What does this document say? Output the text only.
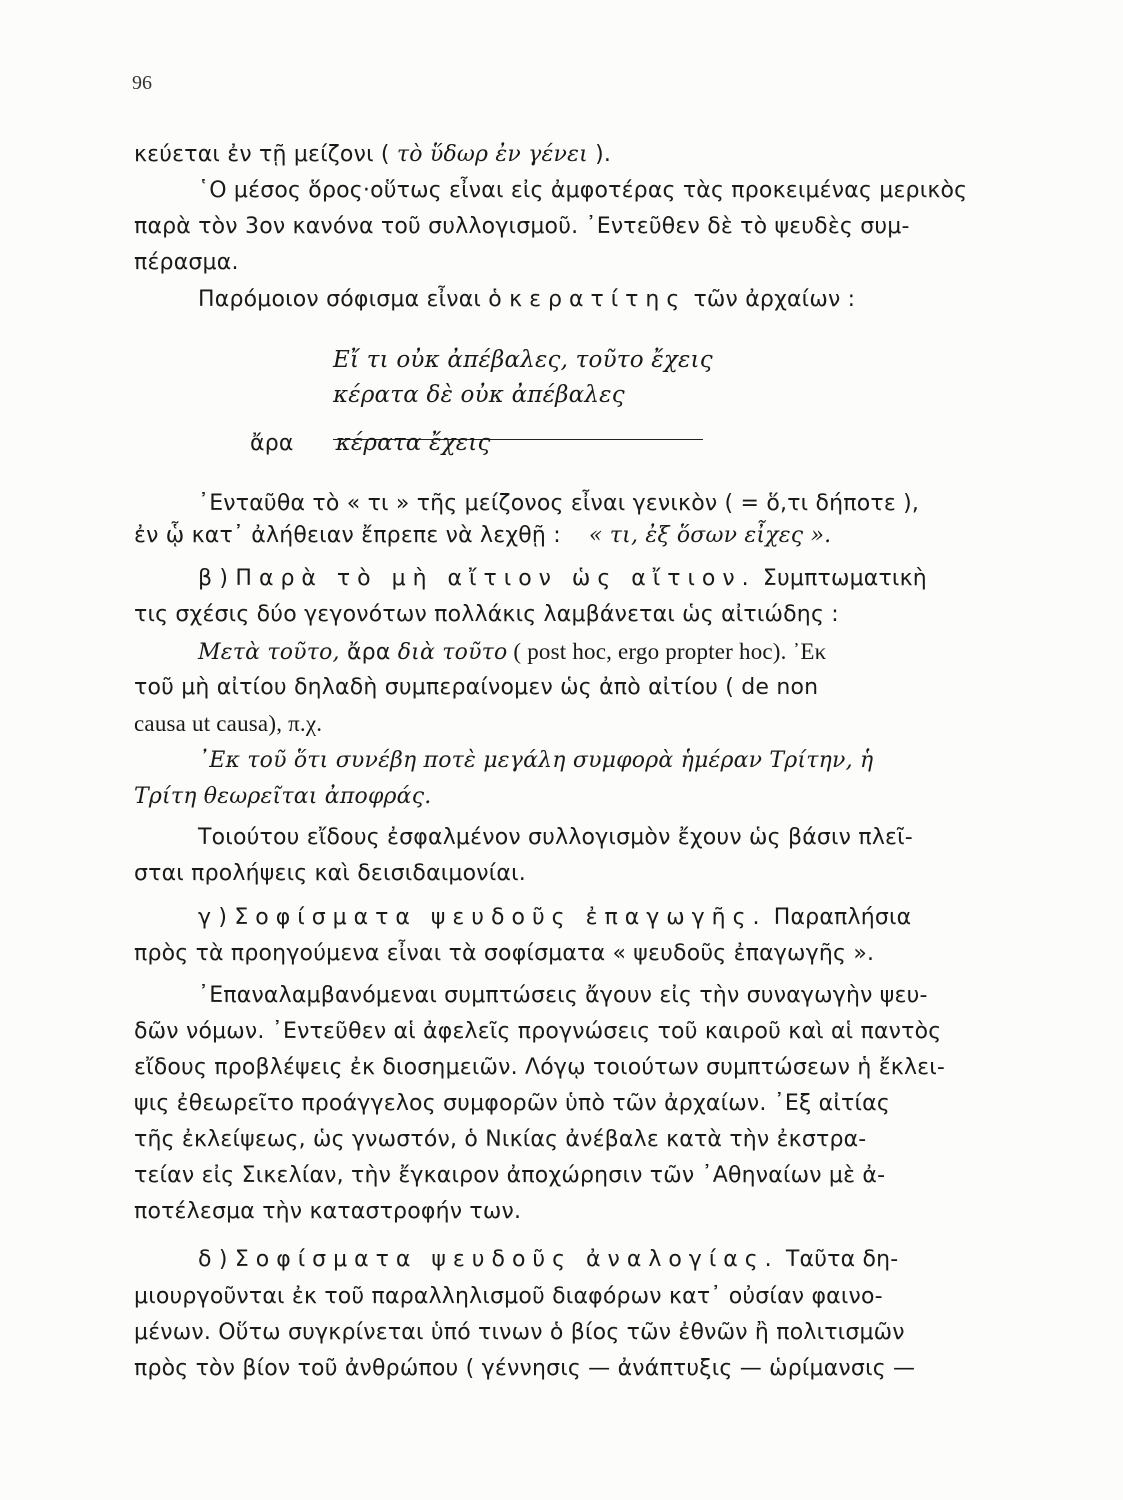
96
κεύεται ἐν τῇ μείζονι ( τὸ ὕδωρ ἐν γένει ).
῾Ο μέσος ὅρος·οὕτως εἶναι εἰς ἀμφοτέρας τὰς προκειμένας μερικὸς
παρὰ τὸν 3ον κανόνα τοῦ συλλογισμοῦ. ᾿Εντεῦθεν δὲ τὸ ψευδὲς συμ-
πέρασμα.
Παρόμοιον σόφισμα εἶναι ὁ κερατίτης τῶν ἀρχαίων :
Εἴ τι οὐκ ἀπέβαλες, τοῦτο ἔχεις
κέρατα δὲ οὐκ ἀπέβαλες
ἄρα κέρατα ἔχεις
᾿Ενταῦθα τὸ « τι » τῆς μείζονος εἶναι γενικὸν ( = ὅ,τι δήποτε ),
ἐν ᾧ κατ᾿ ἀλήθειαν ἔπρεπε νὰ λεχθῇ : « τι, ἐξ ὅσων εἶχες ».
β ) Παρὰ τὸ μὴ αἴτιον ὡς αἴτιον. Συμπτωματικὴ
τις σχέσις δύο γεγονότων πολλάκις λαμβάνεται ὡς αἰτιώδης :
Μετὰ τοῦτο, ἄρα διὰ τοῦτο ( post hoc, ergo propter hoc). ᾿Εκ
τοῦ μὴ αἰτίου δηλαδὴ συμπεραίνομεν ὡς ἀπὸ αἰτίου ( de non
causa ut causa), π.χ.
᾿Εκ τοῦ ὅτι συνέβη ποτὲ μεγάλη συμφορὰ ἡμέραν Τρίτην, ἡ
Τρίτη θεωρεῖται ἀποφράς.
Τοιούτου εἴδους ἐσφαλμένον συλλογισμὸν ἔχουν ὡς βάσιν πλεῖ-
σται προλήψεις καὶ δεισιδαιμονίαι.
γ ) Σοφίσματα ψευδοῦς ἐπαγωγῆς. Παραπλήσια
πρὸς τὰ προηγούμενα εἶναι τὰ σοφίσματα « ψευδοῦς ἐπαγωγῆς ».
᾿Επαναλαμβανόμεναι συμπτώσεις ἄγουν εἰς τὴν συναγωγὴν ψευ-
δῶν νόμων. ᾿Εντεῦθεν αἱ ἀφελεῖς προγνώσεις τοῦ καιροῦ καὶ αἱ παντὸς
εἴδους προβλέψεις ἐκ διοσημειῶν. Λόγῳ τοιούτων συμπτώσεων ἡ ἔκλει-
ψις ἐθεωρεῖτο προάγγελος συμφορῶν ὑπὸ τῶν ἀρχαίων. ᾿Εξ αἰτίας
τῆς ἐκλείψεως, ὡς γνωστόν, ὁ Νικίας ἀνέβαλε κατὰ τὴν ἐκστρα-
τείαν εἰς Σικελίαν, τὴν ἔγκαιρον ἀποχώρησιν τῶν ᾿Αθηναίων μὲ ἀ-
ποτέλεσμα τὴν καταστροφήν των.
δ ) Σοφίσματα ψευδοῦς ἀναλογίας. Ταῦτα δη-
μιουργοῦνται ἐκ τοῦ παραλληλισμοῦ διαφόρων κατ᾿ οὐσίαν φαινο-
μένων. Οὕτω συγκρίνεται ὑπό τινων ὁ βίος τῶν ἐθνῶν ἢ πολιτισμῶν
πρὸς τὸν βίον τοῦ ἀνθρώπου ( γέννησις — ἀνάπτυξις — ὡρίμανσις —
